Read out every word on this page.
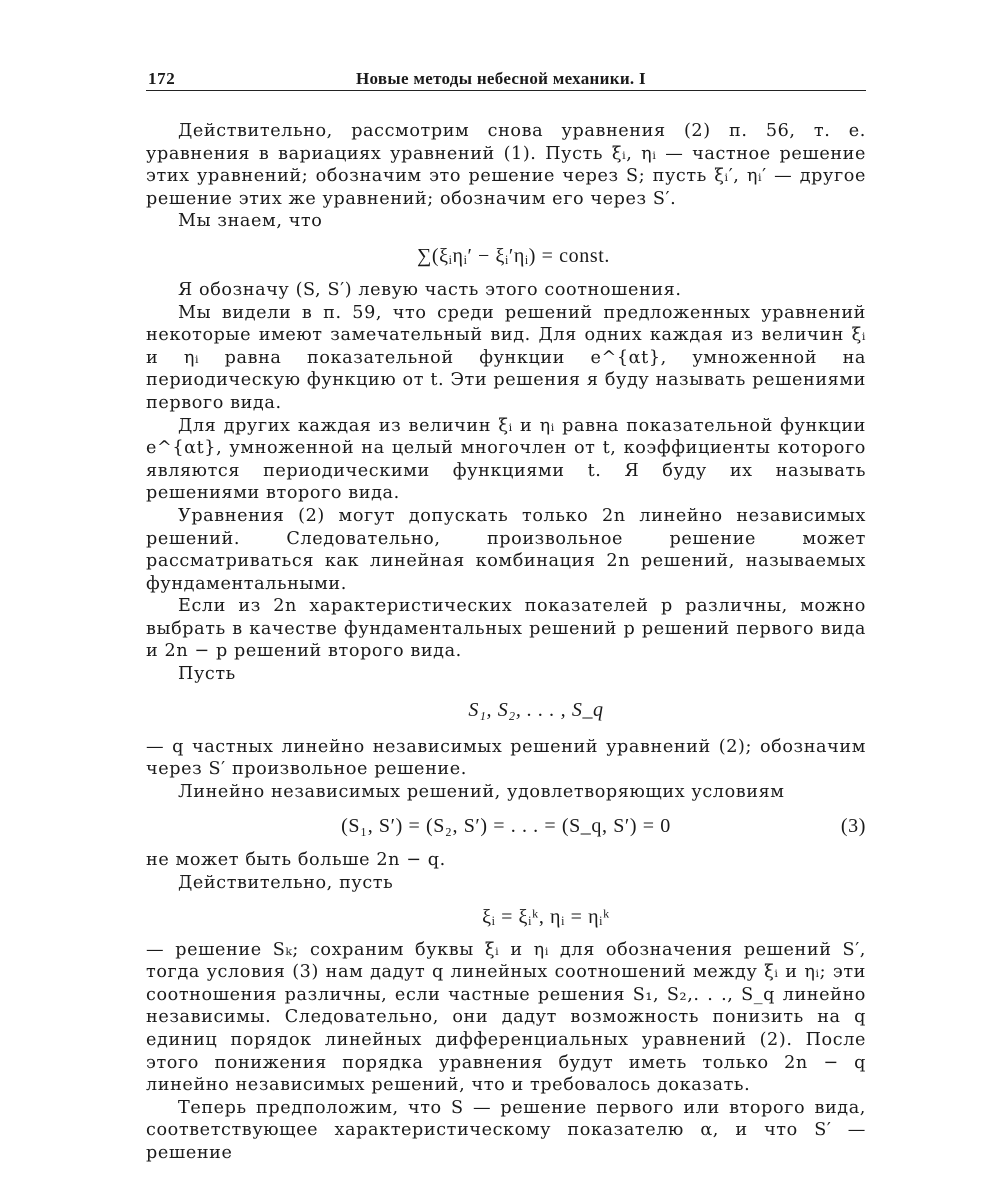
172	Новые методы небесной механики. I

Действительно, рассмотрим снова уравнения (2) п. 56, т. е. уравнения в вариациях уравнений (1). Пусть ξᵢ, ηᵢ — частное решение этих уравнений; обозначим это решение через S; пусть ξᵢ′, ηᵢ′ — другое решение этих же уравнений; обозначим его через S′.

Мы знаем, что

∑(ξᵢηᵢ′ − ξᵢ′ηᵢ) = const.

Я обозначу (S, S′) левую часть этого соотношения.

Мы видели в п. 59, что среди решений предложенных уравнений некоторые имеют замечательный вид. Для одних каждая из величин ξᵢ и ηᵢ равна показательной функции e^{αt}, умноженной на периодическую функцию от t. Эти решения я буду называть решениями первого вида.

Для других каждая из величин ξᵢ и ηᵢ равна показательной функции e^{αt}, умноженной на целый многочлен от t, коэффициенты которого являются периодическими функциями t. Я буду их называть решениями второго вида.

Уравнения (2) могут допускать только 2n линейно независимых решений. Следовательно, произвольное решение может рассматриваться как линейная комбинация 2n решений, называемых фундаментальными.

Если из 2n характеристических показателей p различны, можно выбрать в качестве фундаментальных решений p решений первого вида и 2n − p решений второго вида.

Пусть

S₁, S₂, . . . , S_q

— q частных линейно независимых решений уравнений (2); обозначим через S′ произвольное решение.

Линейно независимых решений, удовлетворяющих условиям

(S₁, S′) = (S₂, S′) = . . . = (S_q, S′) = 0	(3)

не может быть больше 2n − q.

Действительно, пусть

ξᵢ = ξᵢᵏ, ηᵢ = ηᵢᵏ

— решение Sₖ; сохраним буквы ξᵢ и ηᵢ для обозначения решений S′, тогда условия (3) нам дадут q линейных соотношений между ξᵢ и ηᵢ; эти соотношения различны, если частные решения S₁, S₂,. . ., S_q линейно независимы. Следовательно, они дадут возможность понизить на q единиц порядок линейных дифференциальных уравнений (2). После этого понижения порядка уравнения будут иметь только 2n − q линейно независимых решений, что и требовалось доказать.

Теперь предположим, что S — решение первого или второго вида, соответствующее характеристическому показателю α, и что S′ — решение
